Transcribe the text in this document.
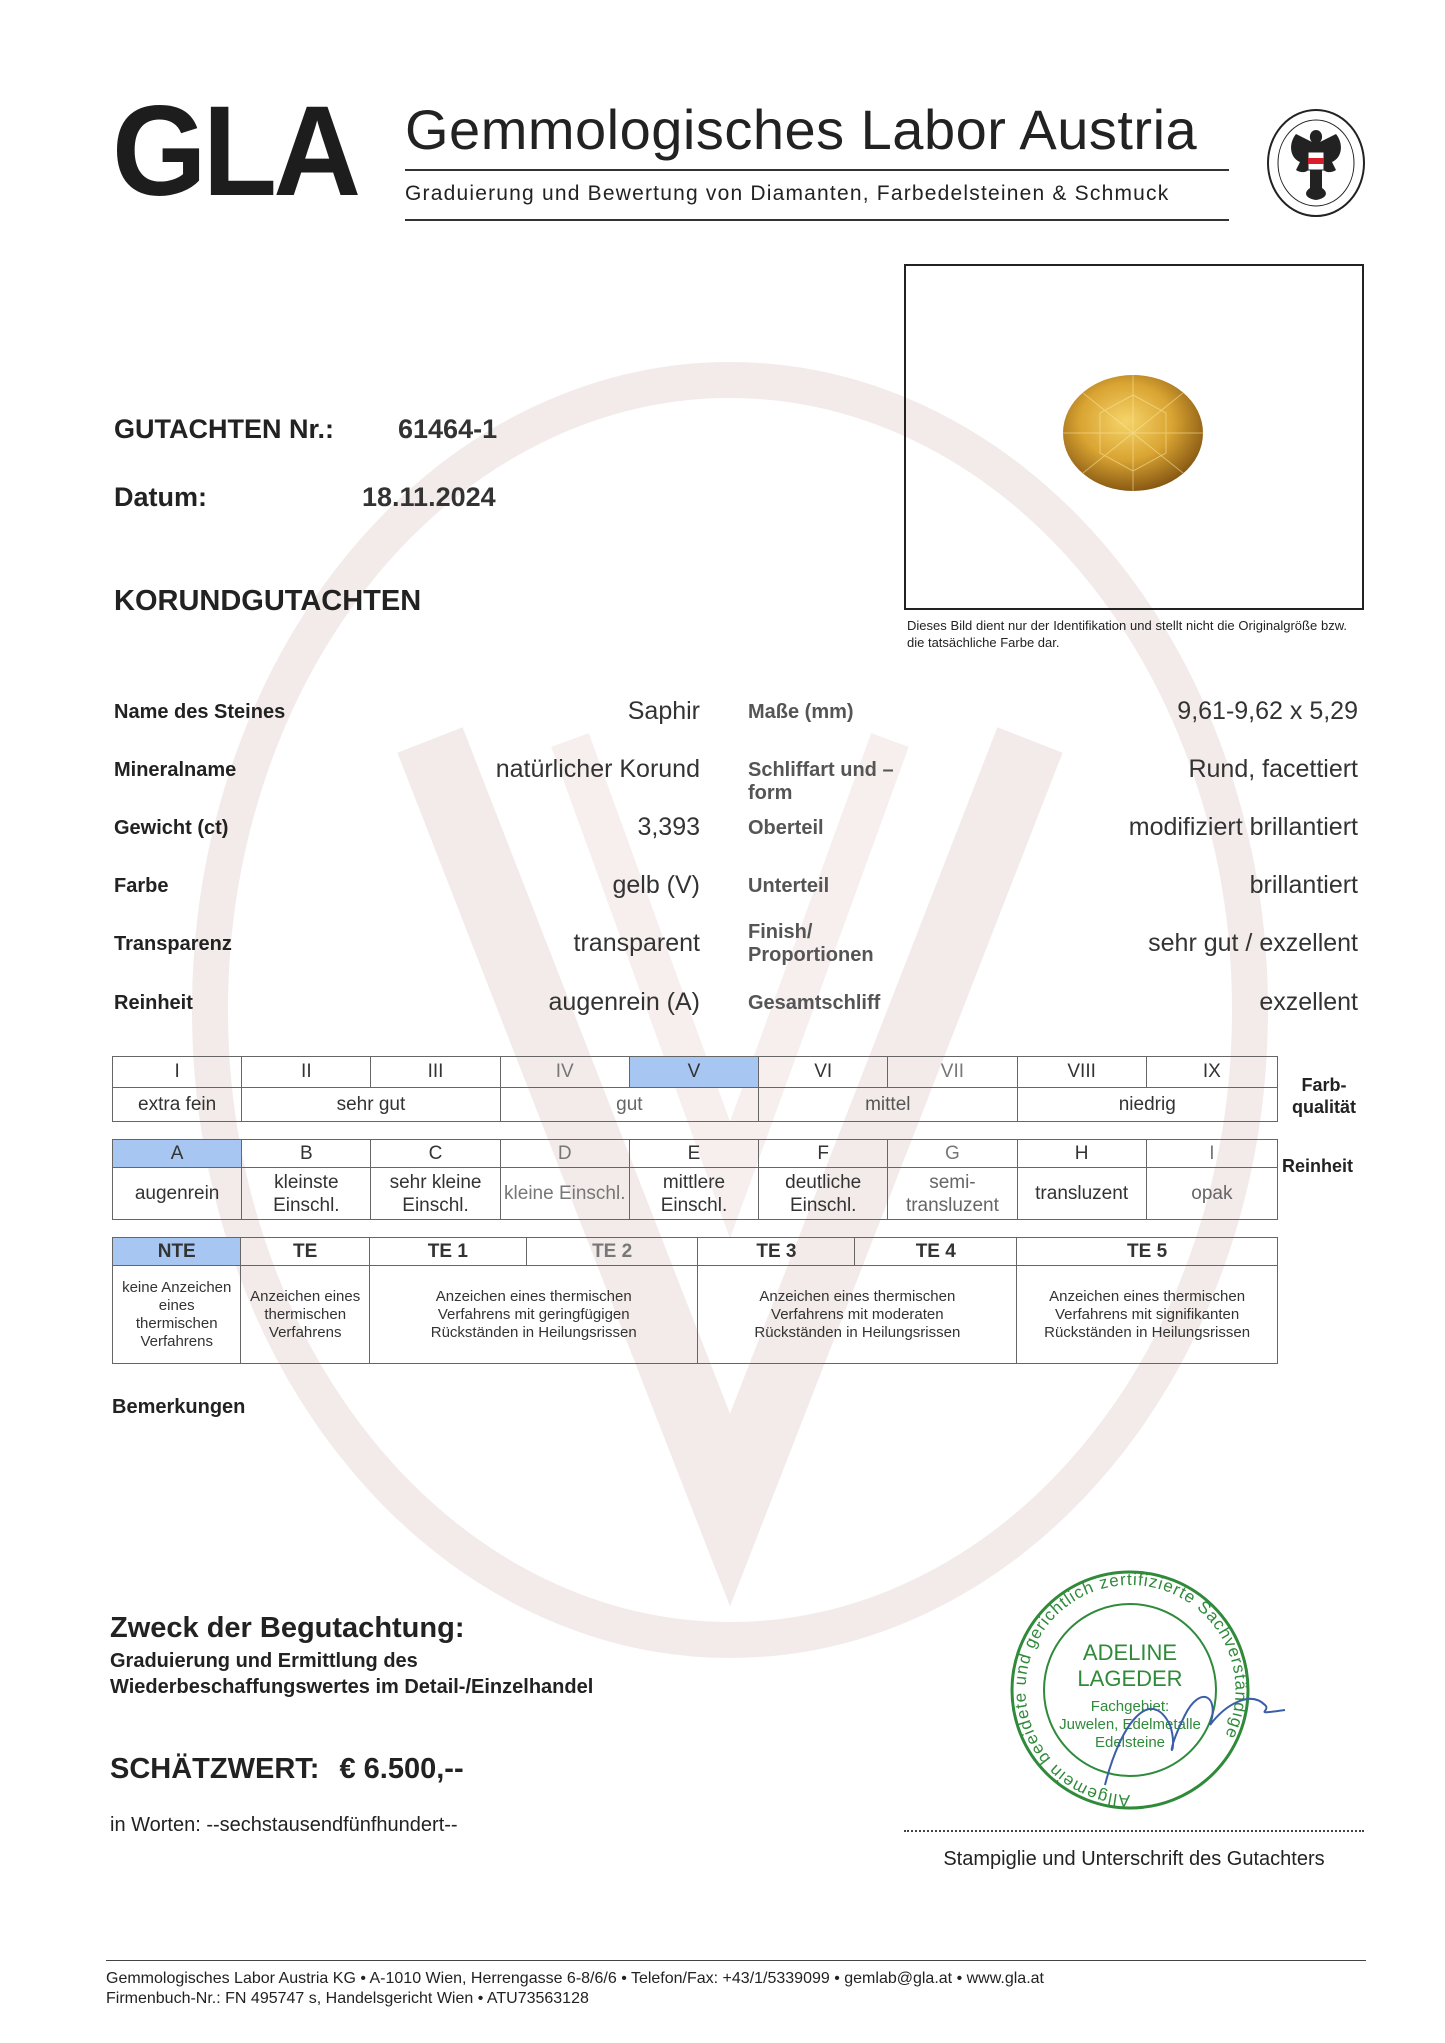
GLA Gemmologisches Labor Austria
Graduierung und Bewertung von Diamanten, Farbedelsteinen & Schmuck
GUTACHTEN Nr.: 61464-1
Datum:	18.11.2024
KORUNDGUTACHTEN
Dieses Bild dient nur der Identifikation und stellt nicht die Originalgröße bzw. die tatsächliche Farbe dar.
Name des Steines	Saphir
Mineralname	natürlicher Korund
Gewicht (ct)	3,393
Farbe	gelb (V)
Transparenz	transparent
Reinheit	augenrein (A)
Maße (mm)	9,61-9,62 x 5,29
Schliffart und –form
Rund, facettiert
Oberteil	modifiziert brillantiert
Unterteil	brillantiert
Finish/ Proportionen	sehr gut / exzellent
Gesamtschliff	exzellent
I	II	III	IV	V	VI	VII	VIII	IX
extra fein	sehr gut		gut		mittel		niedrig	
Farb-qualität
A	B	C	D	E	F	G	H	I
augenrein	kleinste Einschl.	sehr kleine Einschl.	kleine Einschl.	mittlere Einschl.	deutliche Einschl.	semi-transluzent	transluzent	opak
Reinheit
NTE	TE	TE 1	TE 2	TE 3	TE 4	TE 5
keine Anzeichen eines thermischen Verfahrens	Anzeichen eines thermischen Verfahrens	Anzeichen eines thermischen Verfahrens mit geringfügigen Rückständen in Heilungsrissen		Anzeichen eines thermischen Verfahrens mit moderaten Rückständen in Heilungsrissen		Anzeichen eines thermischen Verfahrens mit signifikanten Rückständen in Heilungsrissen
Bemerkungen
Zweck der Begutachtung:
Graduierung und Ermittlung des
Wiederbeschaffungswertes im Detail-/Einzelhandel
SCHÄTZWERT: € 6.500,--
in Worten: --sechstausendfünfhundert--
Allgemein beeidete und gerichtlich zertifizierte Sachverständige
ADELINE
LAGEDER
Fachgebiet:
Juwelen, Edelmetalle
Edelsteine
Stampiglie und Unterschrift des Gutachters
Gemmologisches Labor Austria KG • A-1010 Wien, Herrengasse 6-8/6/6 • Telefon/Fax: +43/1/5339099 • gemlab@gla.at • www.gla.at
Firmenbuch-Nr.: FN 495747 s, Handelsgericht Wien • ATU73563128
